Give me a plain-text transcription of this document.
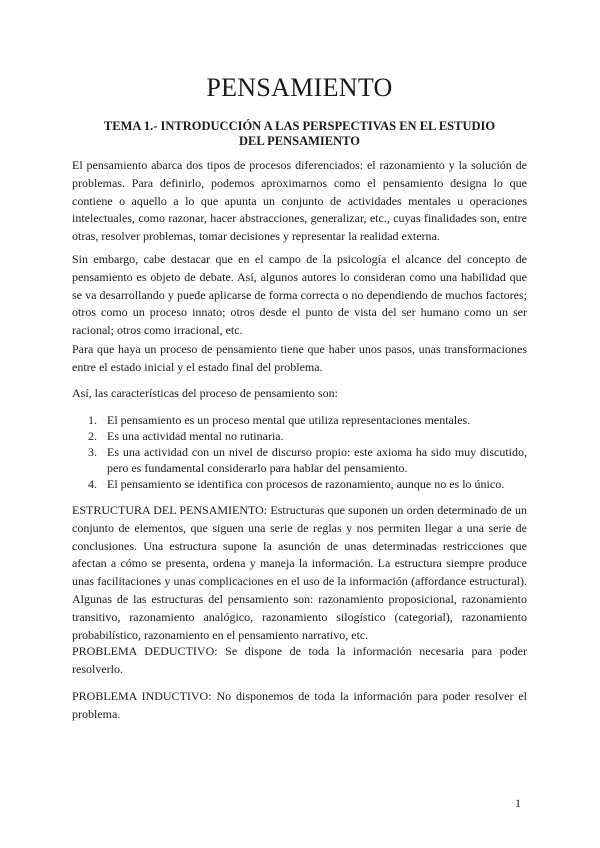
PENSAMIENTO
TEMA 1.- INTRODUCCIÓN A LAS PERSPECTIVAS EN EL ESTUDIO DEL PENSAMIENTO

El pensamiento abarca dos tipos de procesos diferenciados: el razonamiento y la solución de problemas. Para definirlo, podemos aproximarnos como el pensamiento designa lo que contiene o aquello a lo que apunta un conjunto de actividades mentales u operaciones intelectuales, como razonar, hacer abstracciones, generalizar, etc., cuyas finalidades son, entre otras, resolver problemas, tomar decisiones y representar la realidad externa.

Sin embargo, cabe destacar que en el campo de la psicología el alcance del concepto de pensamiento es objeto de debate. Así, algunos autores lo consideran como una habilidad que se va desarrollando y puede aplicarse de forma correcta o no dependiendo de muchos factores; otros como un proceso innato; otros desde el punto de vista del ser humano como un ser racional; otros como irracional, etc.

Para que haya un proceso de pensamiento tiene que haber unos pasos, unas transformaciones entre el estado inicial y el estado final del problema.

Así, las características del proceso de pensamiento son:

1. El pensamiento es un proceso mental que utiliza representaciones mentales.
2. Es una actividad mental no rutinaria.
3. Es una actividad con un nivel de discurso propio: este axioma ha sido muy discutido, pero es fundamental considerarlo para hablar del pensamiento.
4. El pensamiento se identifica con procesos de razonamiento, aunque no es lo único.

ESTRUCTURA DEL PENSAMIENTO: Estructuras que suponen un orden determinado de un conjunto de elementos, que siguen una serie de reglas y nos permiten llegar a una serie de conclusiones. Una estructura supone la asunción de unas determinadas restricciones que afectan a cómo se presenta, ordena y maneja la información. La estructura siempre produce unas facilitaciones y unas complicaciones en el uso de la información (affordance estructural). Algunas de las estructuras del pensamiento son: razonamiento proposicional, razonamiento transitivo, razonamiento analógico, razonamiento silogístico (categorial), razonamiento probabilístico, razonamiento en el pensamiento narrativo, etc.

PROBLEMA DEDUCTIVO: Se dispone de toda la información necesaria para poder resolverlo.

PROBLEMA INDUCTIVO: No disponemos de toda la información para poder resolver el problema.

1
